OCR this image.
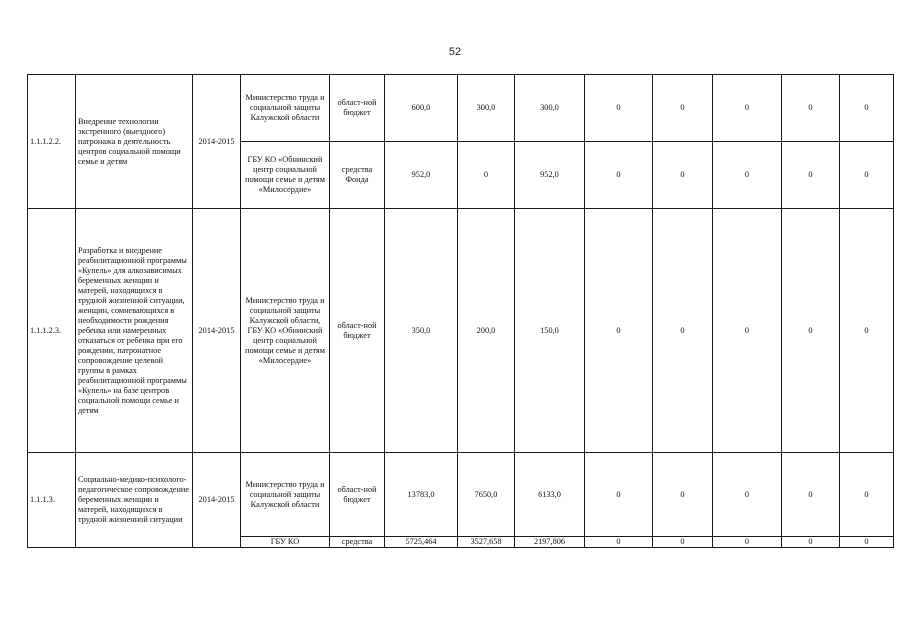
52
1.1.1.2.2.	Внедрение технологии экстренного (выездного) патронажа в деятельность центров социальной помощи семье и детям	2014-2015	Министерство труда и социальной защиты Калужской области	област-ной бюджет	600,0	300,0	300,0	0	0	0	0	0
			ГБУ КО «Обнинский центр социальной помощи семье и детям «Милосердие»	средства Фонда	952,0	0	952,0	0	0	0	0	0
1.1.1.2.3.	Разработка и внедрение реабилитационной программы «Купель» для алкозависимых беременных женщин и матерей, находящихся в трудной жизненной ситуации, женщин, сомневающихся в необходимости рождения ребенка или намеренных отказаться от ребенка при его рождении, патронатное сопровождение целевой группы в рамках реабилитационной программы «Купель» на базе центров социальной помощи семье и детям	2014-2015	Министерство труда и социальной защиты Калужской области, ГБУ КО «Обнинский центр социальной помощи семье и детям «Милосердие»	област-ной бюджет	350,0	200,0	150,0	0	0	0	0	0
1.1.1.3.	Социально-медико-психолого-педагогическое сопровождение беременных женщин и матерей, находящихся в трудной жизненной ситуации	2014-2015	Министерство труда и социальной защиты Калужской области	област-ной бюджет	13783,0	7650,0	6133,0	0	0	0	0	0
			ГБУ КО	средства	5725,464	3527,658	2197,806	0	0	0	0	0
